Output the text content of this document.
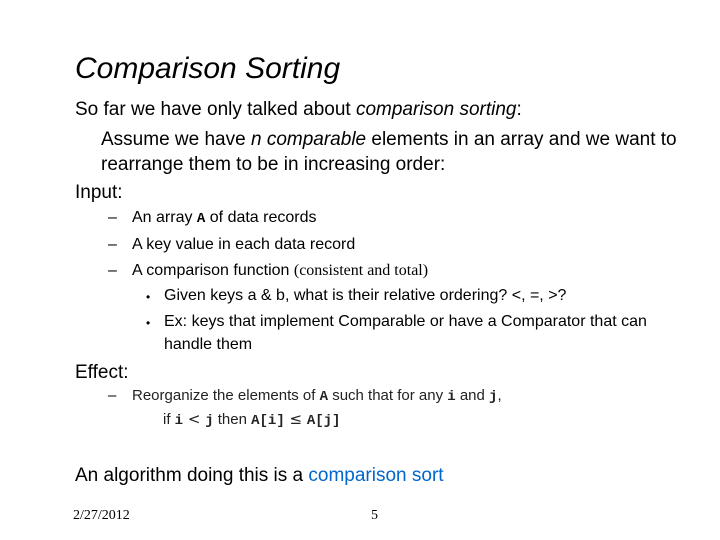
Comparison Sorting
So far we have only talked about comparison sorting:
Assume we have n comparable elements in an array and we want to
rearrange them to be in increasing order:
Input:
– An array A of data records
– A key value in each data record
– A comparison function (consistent and total)
• Given keys a & b, what is their relative ordering? <, =, >?
• Ex: keys that implement Comparable or have a Comparator that can
handle them
Effect:
– Reorganize the elements of A such that for any i and j,
if i < j then A[i] ≤ A[j]
An algorithm doing this is a comparison sort
2/27/2012	5
